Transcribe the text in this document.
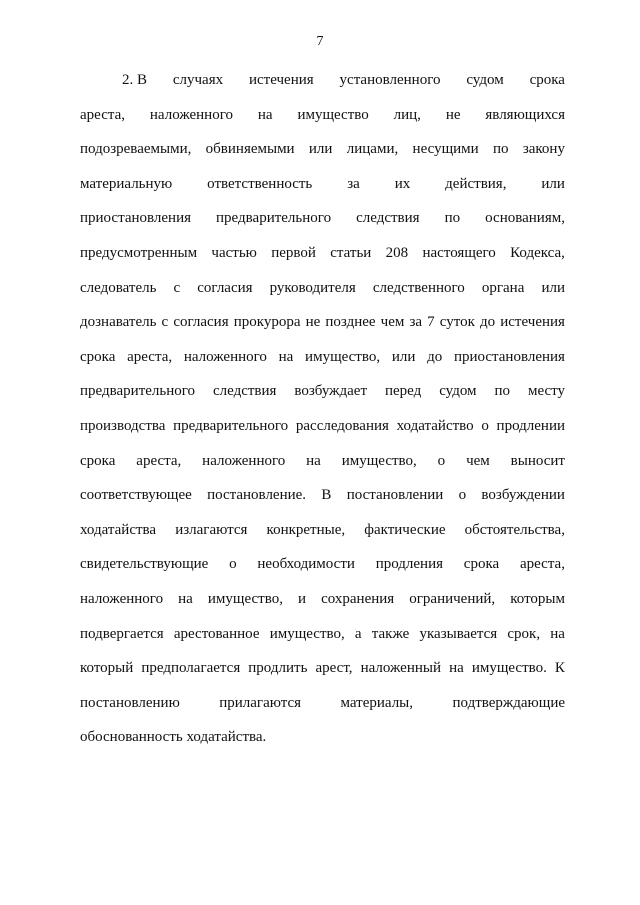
7
2. В случаях истечения установленного судом срока
ареста, наложенного на имущество лиц, не являющихся
подозреваемыми, обвиняемыми или лицами, несущими по закону
материальную ответственность за их действия, или
приостановления предварительного следствия по основаниям,
предусмотренным частью первой статьи 208 настоящего Кодекса,
следователь с согласия руководителя следственного органа или
дознаватель с согласия прокурора не позднее чем за 7 суток до истечения
срока ареста, наложенного на имущество, или до приостановления
предварительного следствия возбуждает перед судом по месту
производства предварительного расследования ходатайство о продлении
срока ареста, наложенного на имущество, о чем выносит
соответствующее постановление. В постановлении о возбуждении
ходатайства излагаются конкретные, фактические обстоятельства,
свидетельствующие о необходимости продления срока ареста,
наложенного на имущество, и сохранения ограничений, которым
подвергается арестованное имущество, а также указывается срок, на
который предполагается продлить арест, наложенный на имущество. К
постановлению	прилагаются	материалы,	подтверждающие
обоснованность ходатайства.
